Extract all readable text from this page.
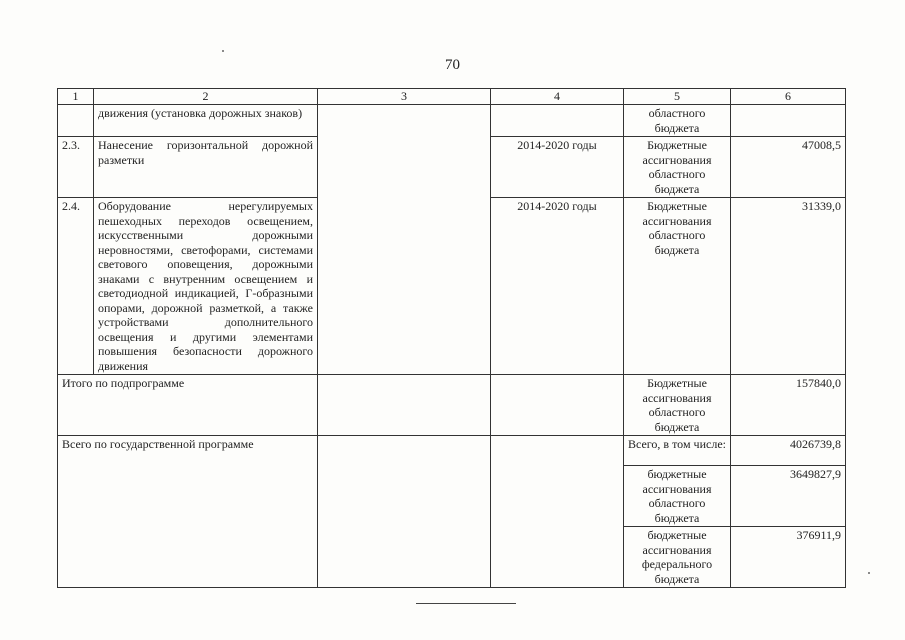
70
1	2	3	4	5	6
	движения (установка дорожных знаков)			областного бюджета	
2.3.	Нанесение горизонтальной дорожной разметки		2014-2020 годы	Бюджетные ассигнования областного бюджета	47008,5
2.4.	Оборудование нерегулируемых пешеходных переходов освещением, искусственными дорожными неровностями, светофорами, системами светового оповещения, дорожными знаками с внутренним освещением и светодиодной индикацией, Г-образными опорами, дорожной разметкой, а также устройствами дополнительного освещения и другими элементами повышения безопасности дорожного движения		2014-2020 годы	Бюджетные ассигнования областного бюджета	31339,0
Итого по подпрограмме				Бюджетные ассигнования областного бюджета	157840,0
Всего по государственной программе				Всего, в том числе:	4026739,8
				бюджетные ассигнования областного бюджета	3649827,9
				бюджетные ассигнования федерального бюджета	376911,9
